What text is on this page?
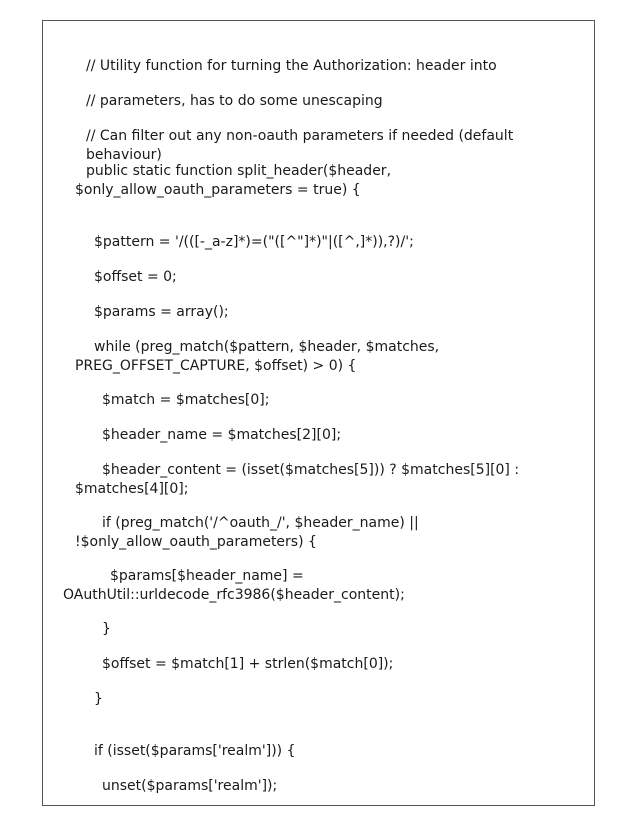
// Utility function for turning the Authorization: header into
// parameters, has to do some unescaping
// Can filter out any non-oauth parameters if needed (default behaviour)

public static function split_header($header, $only_allow_oauth_parameters = true) {
$pattern = '/(([-_a-z]*)=("([^"]*)"|([^,]*)),?)/';
$offset = 0;
$params = array();
while (preg_match($pattern, $header, $matches, PREG_OFFSET_CAPTURE, $offset) > 0) {
$match = $matches[0];
$header_name = $matches[2][0];
$header_content = (isset($matches[5])) ? $matches[5][0] : $matches[4][0];
if (preg_match('/^oauth_/', $header_name) || !$only_allow_oauth_parameters) {
$params[$header_name] = OAuthUtil::urldecode_rfc3986($header_content);
}
$offset = $match[1] + strlen($match[0]);
}
if (isset($params['realm'])) {
unset($params['realm']);
